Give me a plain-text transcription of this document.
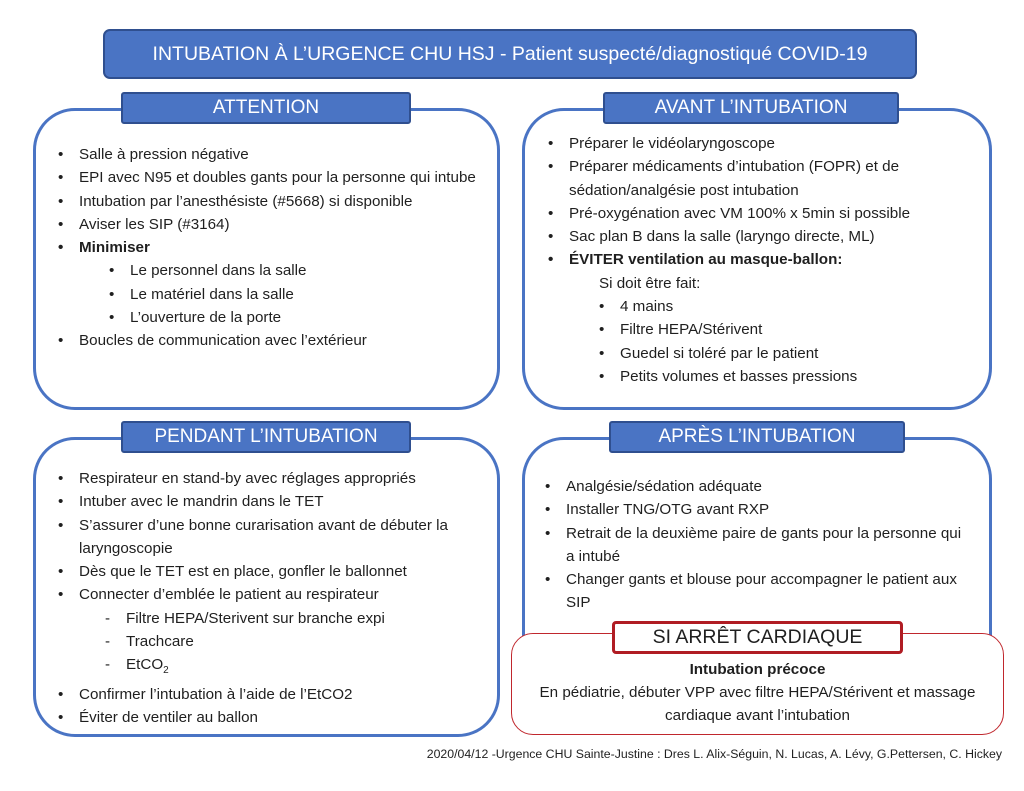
INTUBATION À L’URGENCE CHU HSJ - Patient suspecté/diagnostiqué COVID-19
ATTENTION
• Salle à pression négative
• EPI avec N95 et doubles gants pour la personne qui intube
• Intubation par l’anesthésiste (#5668) si disponible
• Aviser les SIP (#3164)
• Minimiser
• Le personnel dans la salle
• Le matériel dans la salle
• L’ouverture de la porte
• Boucles de communication avec l’extérieur
AVANT L’INTUBATION
• Préparer le vidéolaryngoscope
• Préparer médicaments d’intubation (FOPR) et de sédation/analgésie post intubation
• Pré-oxygénation avec VM 100% x 5min si possible
• Sac plan B dans la salle (laryngo directe, ML)
• ÉVITER ventilation au masque-ballon:
Si doit être fait:
• 4 mains
• Filtre HEPA/Stérivent
• Guedel si toléré par le patient
• Petits volumes et basses pressions
PENDANT L’INTUBATION
• Respirateur en stand-by avec réglages appropriés
• Intuber avec le mandrin dans le TET
• S’assurer d’une bonne curarisation avant de débuter la laryngoscopie
• Dès que le TET est en place, gonfler le ballonnet
• Connecter d’emblée le patient au respirateur
- Filtre HEPA/Sterivent sur branche expi
- Trachcare
- EtCO$_2$
• Confirmer l’intubation à l’aide de l’EtCO2
• Éviter de ventiler au ballon
APRÈS L’INTUBATION
• Analgésie/sédation adéquate
• Installer TNG/OTG avant RXP
• Retrait de la deuxième paire de gants pour la personne qui a intubé
• Changer gants et blouse pour accompagner le patient aux SIP
SI ARRÊT CARDIAQUE
Intubation précoce
En pédiatrie, débuter VPP avec filtre HEPA/Stérivent et massage cardiaque avant l’intubation
2020/04/12 -Urgence CHU Sainte-Justine : Dres L. Alix-Séguin, N. Lucas, A. Lévy, G.Pettersen, C. Hickey
